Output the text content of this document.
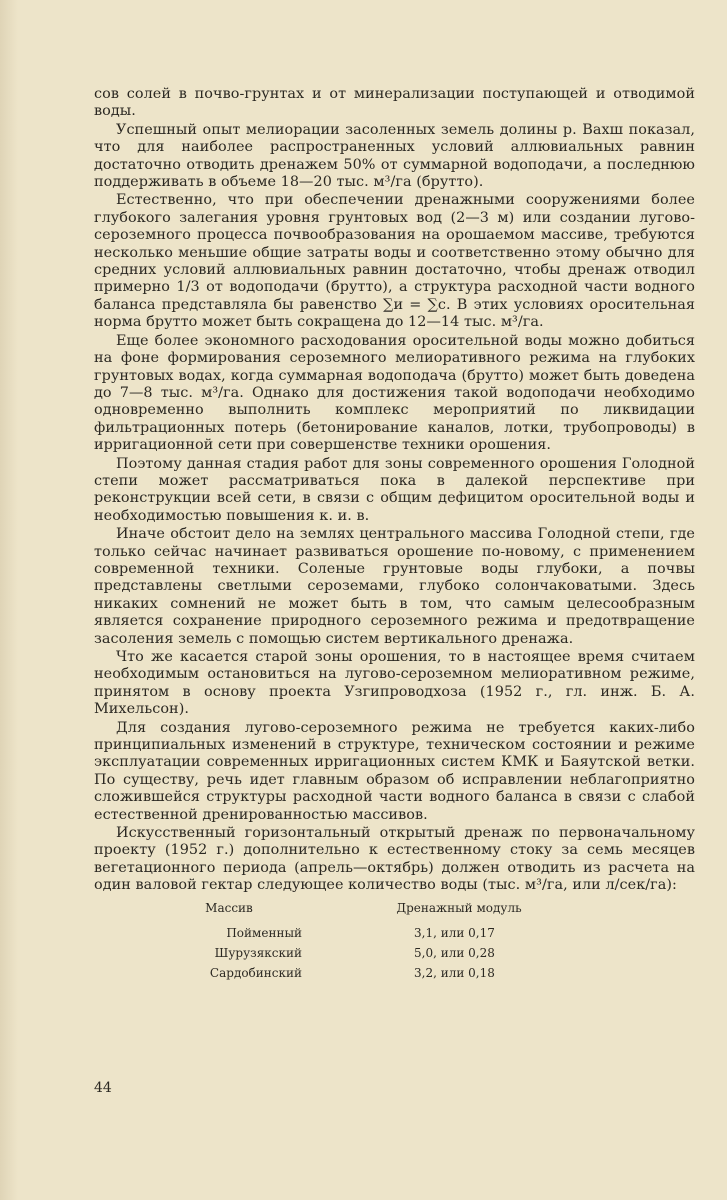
сов солей в почво-грунтах и от минерализации поступающей и отводимой воды.

Успешный опыт мелиорации засоленных земель долины р. Вахш показал, что для наиболее распространенных условий аллювиальных равнин достаточно отводить дренажем 50% от суммарной водоподачи, а последнюю поддерживать в объеме 18—20 тыс. м³/га (брутто).

Естественно, что при обеспечении дренажными сооружениями более глубокого залегания уровня грунтовых вод (2—3 м) или создании лугово-сероземного процесса почвообразования на орошаемом массиве, требуются несколько меньшие общие затраты воды и соответственно этому обычно для средних условий аллювиальных равнин достаточно, чтобы дренаж отводил примерно 1/3 от водоподачи (брутто), а структура расходной части водного баланса представляла бы равенство ∑и = ∑с. В этих условиях оросительная норма брутто может быть сокращена до 12—14 тыс. м³/га.

Еще более экономного расходования оросительной воды можно добиться на фоне формирования сероземного мелиоративного режима на глубоких грунтовых водах, когда суммарная водоподача (брутто) может быть доведена до 7—8 тыс. м³/га. Однако для достижения такой водоподачи необходимо одновременно выполнить комплекс мероприятий по ликвидации фильтрационных потерь (бетонирование каналов, лотки, трубопроводы) в ирригационной сети при совершенстве техники орошения.

Поэтому данная стадия работ для зоны современного орошения Голодной степи может рассматриваться пока в далекой перспективе при реконструкции всей сети, в связи с общим дефицитом оросительной воды и необходимостью повышения к. и. в.

Иначе обстоит дело на землях центрального массива Голодной степи, где только сейчас начинает развиваться орошение по-новому, с применением современной техники. Соленые грунтовые воды глубоки, а почвы представлены светлыми сероземами, глубоко солончаковатыми. Здесь никаких сомнений не может быть в том, что самым целесообразным является сохранение природного сероземного режима и предотвращение засоления земель с помощью систем вертикального дренажа.

Что же касается старой зоны орошения, то в настоящее время считаем необходимым остановиться на лугово-сероземном мелиоративном режиме, принятом в основу проекта Узгипроводхоза (1952 г., гл. инж. Б. А. Михельсон).

Для создания лугово-сероземного режима не требуется каких-либо принципиальных изменений в структуре, техническом состоянии и режиме эксплуатации современных ирригационных систем КМК и Баяутской ветки. По существу, речь идет главным образом об исправлении неблагоприятно сложившейся структуры расходной части водного баланса в связи с слабой естественной дренированностью массивов.

Искусственный горизонтальный открытый дренаж по первоначальному проекту (1952 г.) дополнительно к естественному стоку за семь месяцев вегетационного периода (апрель—октябрь) должен отводить из расчета на один валовой гектар следующее количество воды (тыс. м³/га, или л/сек/га):

Массив	Дренажный модуль
Пойменный	3,1, или 0,17
Шурузякский	5,0, или 0,28
Сардобинский	3,2, или 0,18
44
